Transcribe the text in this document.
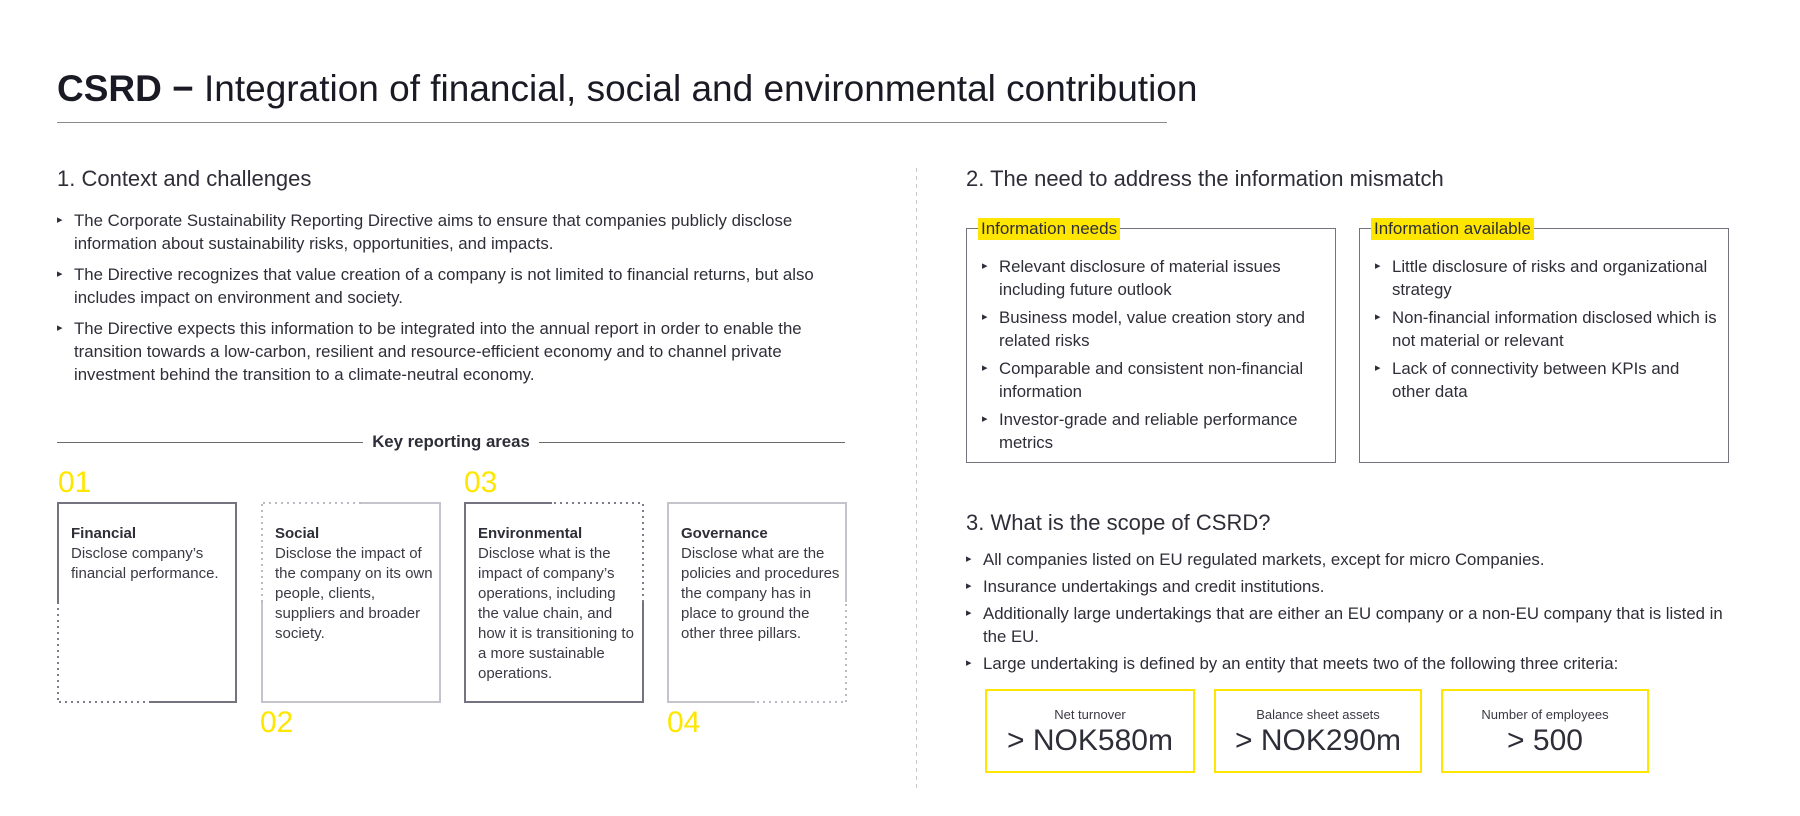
CSRD − Integration of financial, social and environmental contribution
1. Context and challenges
▸ The Corporate Sustainability Reporting Directive aims to ensure that companies publicly disclose information about sustainability risks, opportunities, and impacts.
▸ The Directive recognizes that value creation of a company is not limited to financial returns, but also includes impact on environment and society.
▸ The Directive expects this information to be integrated into the annual report in order to enable the transition towards a low-carbon, resilient and resource-efficient economy and to channel private investment behind the transition to a climate-neutral economy.
Key reporting areas
01
02
03
04
Financial
Disclose company’s financial performance.
Social
Disclose the impact of the company on its own people, clients, suppliers and broader society.
Environmental
Disclose what is the impact of company’s operations, including the value chain, and how it is transitioning to a more sustainable operations.
Governance
Disclose what are the policies and procedures the company has in place to ground the other three pillars.
2. The need to address the information mismatch
Information needs
▸ Relevant disclosure of material issues including future outlook
▸ Business model, value creation story and related risks
▸ Comparable and consistent non-financial information
▸ Investor-grade and reliable performance metrics
Information available
▸ Little disclosure of risks and organizational strategy
▸ Non-financial information disclosed which is not material or relevant
▸ Lack of connectivity between KPIs and other data
3. What is the scope of CSRD?
▸ All companies listed on EU regulated markets, except for micro Companies.
▸ Insurance undertakings and credit institutions.
▸ Additionally large undertakings that are either an EU company or a non-EU company that is listed in the EU.
▸ Large undertaking is defined by an entity that meets two of the following three criteria:
Net turnover
> NOK580m
Balance sheet assets
> NOK290m
Number of employees
> 500
